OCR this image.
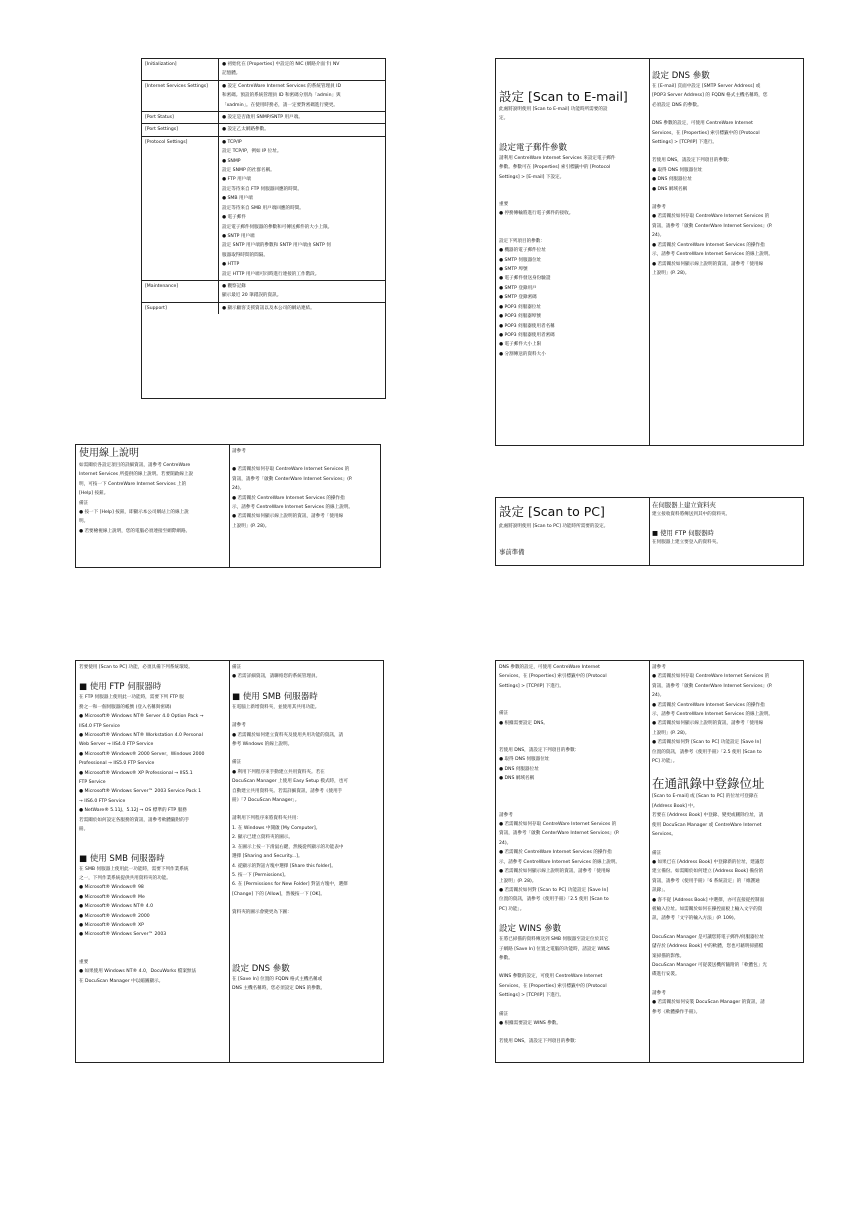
[Initialization]	● 初始化在 [Properties] 中設定的 NIC (網路介面卡) NV
記憶體。
[Internet Services Settings]	● 設定 CentreWare Internet Services 的系統管理員 ID
和密碼。預設的系統管理員 ID 和密碼分別為「admin」與
「xadmin」。在使用時務必，請一定要對密碼進行變更。
[Port Status]	● 設定是否啟用 SNMP/SNTP 用戶端。
[Port Settings]	● 設定乙太網路參數。
[Protocol Settings]	● TCP/IP
設定 TCP/IP，例如 IP 位址。
● SNMP
設定 SNMP 的社群名稱。
● FTP 用戶端
設定等待來自 FTP 伺服器回應的時間。
● SMB 用戶端
設定等待來自 SMB 用戶端回應的時間。
● 電子郵件
設定電子郵件伺服器的參數和可傳送郵件的大小上限。
● SNTP 用戶端
設定 SNTP 用戶端的參數和 SNTP 用戶端由 SNTP 伺
服器取得時間的間隔。
● HTTP
設定 HTTP 用戶端可同時進行連接的工作階段。
[Maintenance]	● 觀察記錄
顯示最近 20 筆錯誤的資訊。
[Support]	● 顯示顧客支援資訊以及本公司的網站連結。
使用線上說明
如需關於各設定項目的詳細資訊，請參考 CentreWare
Internet Services 所提供的線上說明。若要開啟線上說
明，可按一下 CentreWare Internet Services 上的
[Help] 按鈕。
備註
● 按一下 [Help] 按鈕，即顯示本公司網站上的線上說
明。
● 若要檢視線上說明，您的電腦必須連接至網際網路。
請參考
● 若需關於如何存取 CentreWare Internet Services 的
資訊，請參考「啟動 CenterWare Internet Services」(P.
24)。
● 若需關於 CentreWare Internet Services 的操作指
示，請參考 CentreWare Internet Services 的線上說明。
● 若需關於如何顯示線上說明的資訊，請參考「使用線
上說明」(P. 28)。
設定 [Scan to E-mail]
此處將說明使用 [Scan to E-mail] 功能時所需要的設
定。
設定電子郵件參數
請利用 CentreWare Internet Services 來設定電子郵件
參數。參數可在 [Properties] 索引標籤中的 [Protocol
Settings] > [E-mail] 下設定。
重要
● 停務傳輸將進行電子郵件的接收。
設定下列項目的參數：
● 機器的電子郵件位址
● SMTP 伺服器位址
● SMTP 埠號
● 電子郵件發送身份驗證
● SMTP 登錄用戶
● SMTP 登錄密碼
● POP3 伺服器位址
● POP3 伺服器埠號
● POP3 伺服器使用者名稱
● POP3 伺服器使用者密碼
● 電子郵件大小上限
● 分割傳送的資料大小
設定 DNS 參數
在 [E-mail] 頁面中設定 [SMTP Server Address] 或
[POP3 Server Address] 的 FQDN 格式主機名稱時，您
必須設定 DNS 的參數。
DNS 參數的設定，可使用 CentreWare Internet
Services，在 [Properties] 索引標籤中的 [Protocol
Settings] > [TCP/IP] 下進行。
若使用 DNS，請設定下列項目的參數：
● 取得 DNS 伺服器位址
● DNS 伺服器位址
● DNS 網域名稱
請參考
● 若需關於如何存取 CentreWare Internet Services 的
資訊，請參考「啟動 CenterWare Internet Services」(P.
24)。
● 若需關於 CentreWare Internet Services 的操作指
示，請參考 CentreWare Internet Services 的線上說明。
● 若需關於如何顯示線上說明的資訊，請參考「使用線
上說明」(P. 28)。
設定 [Scan to PC]
此處將說明使用 [Scan to PC] 功能時所需要的設定。
事前準備
在伺服器上建立資料夾
建立接收資料將傳送到其中的資料夾。
■ 使用 FTP 伺服器時
在伺服器上建立要登入的資料夾。
若要使用 [Scan to PC] 功能，必須具備下列系統環境。
■ 使用 FTP 伺服器時
在 FTP 伺服器上使用此一功能時，需要下列 FTP 服
務之一和一個伺服器的帳號 (登入名稱與密碼)
● Microsoft® Windows NT® Server 4.0 Option Pack →
IIS4.0 FTP Service
● Microsoft® Windows NT® Workstation 4.0 Personal
Web Server → IIS4.0 FTP Service
● Microsoft® Windows® 2000 Server，Windows 2000
Professional → IIS5.0 FTP Service
● Microsoft® Windows® XP Professional → IIS5.1
FTP Service
● Microsoft® Windows Server™ 2003 Service Pack 1
→ IIS6.0 FTP Service
● NetWare® 5.11J、5.12J → OS 標準的 FTP 服務
若需關於如何設定各服務的資訊，請參考軟體隨附的手
冊。
■ 使用 SMB 伺服器時
在 SMB 伺服器上使用此一功能時，需要下列作業系統
之一，下列作業系統提供共用資料夾的功能。
● Microsoft® Windows® 98
● Microsoft® Windows® Me
● Microsoft® Windows NT® 4.0
● Microsoft® Windows® 2000
● Microsoft® Windows® XP
● Microsoft® Windows Server™ 2003
重要
● 如果使用 Windows NT® 4.0，DocuWorks 檔案無法
在 DocuScan Manager 中以縮圖顯示。
備註
● 若需詳細資訊，請聯絡您的系統管理員。
■ 使用 SMB 伺服器時
在電腦上新增資料夾，並使用其共用功能。
請參考
● 若需關於如何建立資料夾及使用共用功能的資訊，請
參考 Windows 的線上說明。
備註
● 利用下列程序來手動建立共用資料夾。若在
DocuScan Manager 上使用 Easy Setup 模式時，也可
自動建立共用資料夾。若需詳細資訊，請參考《使用手
冊》「7 DocuScan Manager」。
請利用下列程序來將資料夾共用：
1. 在 Windows 中開啟 [My Computer]。
2. 顯示已建立資料夾的圖示。
3. 在圖示上按一下滑鼠右鍵，然後從所顯示的功能表中
選擇 [Sharing and Security...]。
4. 從顯示的對話方塊中選擇 [Share this folder]。
5. 按一下 [Permissions]。
6. 在 [Permissions for New Folder] 對話方塊中，選擇
[Change] 下的 [Allow]，然後按一下 [OK]。
資料夾的圖示會變更為下圖：
設定 DNS 參數
在 [Save In] 位置的 FQDN 格式主機名稱或
DNS 主機名稱時，您必須設定 DNS 的參數。
DNS 參數的設定，可使用 CentreWare Internet
Services，在 [Properties] 索引標籤中的 [Protocol
Settings] > [TCP/IP] 下進行。
備註
● 根據需要設定 DNS。
若使用 DNS，請設定下列項目的參數：
● 取得 DNS 伺服器位址
● DNS 伺服器位址
● DNS 網域名稱
請參考
● 若需關於如何存取 CentreWare Internet Services 的
資訊，請參考「啟動 CenterWare Internet Services」(P.
24)。
● 若需關於 CentreWare Internet Services 的操作指
示，請參考 CentreWare Internet Services 的線上說明。
● 若需關於如何顯示線上說明的資訊，請參考「使用線
上說明」(P. 28)。
● 若需關於如何對 [Scan to PC] 功能設定 [Save In]
位置的資訊，請參考《使用手冊》「2.5 使用 [Scan to
PC] 功能」。
設定 WINS 參數
在將已掃描的資料傳送到 SMB 伺服器至設定位於其它
子網路 [Save In] 位置之電腦的功能時，請設定 WINS
參數。
WINS 參數的設定，可使用 CentreWare Internet
Services，在 [Properties] 索引標籤中的 [Protocol
Settings] > [TCP/IP] 下進行。
備註
● 根據需要設定 WINS 參數。
若使用 DNS，請設定下列項目的參數：
請參考
● 若需關於如何存取 CentreWare Internet Services 的
資訊，請參考「啟動 CenterWare Internet Services」(P.
24)。
● 若需關於 CentreWare Internet Services 的操作指
示，請參考 CentreWare Internet Services 的線上說明。
● 若需關於如何顯示線上說明的資訊，請參考「使用線
上說明」(P. 28)。
● 若需關於如何對 [Scan to PC] 功能設定 [Save In]
位置的資訊，請參考《使用手冊》「2.5 使用 [Scan to
PC] 功能」。
在通訊錄中登錄位址
[Scan to E-mail] 或 [Scan to PC] 的位址可登錄在
[Address Book] 中。
若要在 [Address Book] 中登錄、變更或刪除位址，請
使用 DocuScan Manager 或 CentreWare Internet
Services。
備註
● 如果已在 [Address Book] 中登錄新的位址，建議您
建立備份。如需關於如何建立 [Address Book] 備份的
資訊，請參考《使用手冊》「6 系統設定」的「維護通
訊錄」。
● 客不從 [Address Book] 中選擇，亦可直接從控制面
板輸入位址。如需關於如何在操控面板上輸入文字的資
訊，請參考「文字的輸入方法」(P. 109)。
DocuScan Manager 是可讓您將電子郵件/伺服器位址
儲存於 [Address Book] 中的軟體，您也可藉明掃描檔
案掃描的影像。
DocuScan Manager 可從裝送機所隨附的「軟體包」光
碟進行安裝。
請參考
● 若需關於如何安裝 DocuScan Manager 的資訊，請
參考《軟體操作手冊》。
